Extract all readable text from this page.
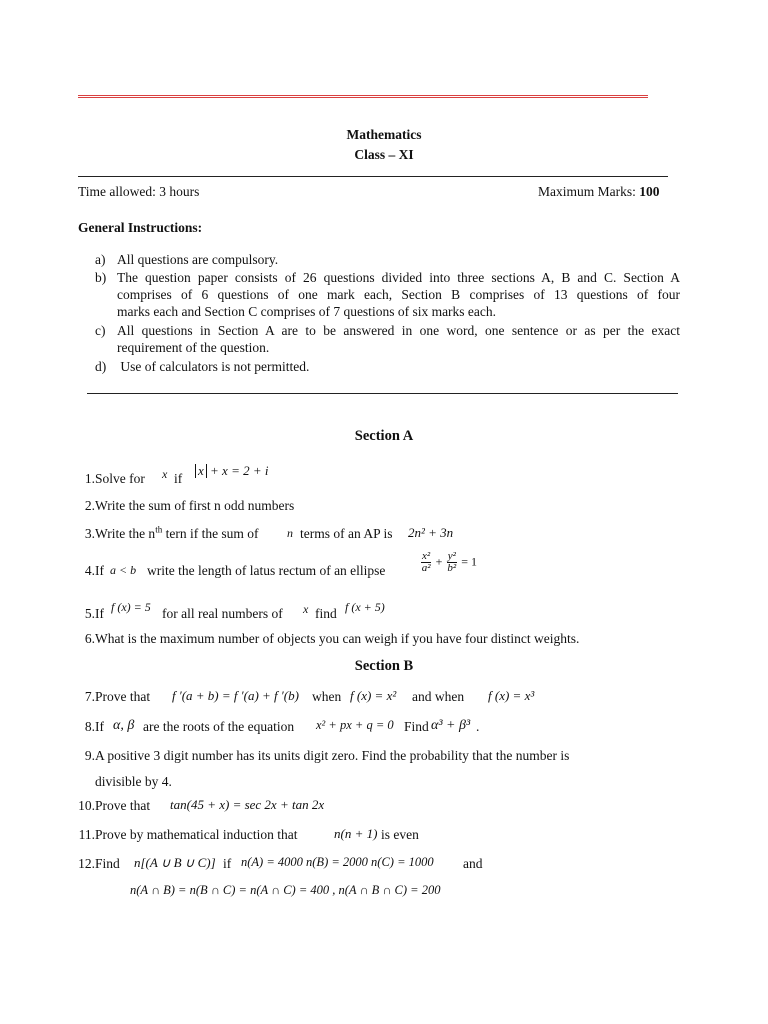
Mathematics
Class – XI
Time allowed: 3 hours	Maximum Marks: 100
General Instructions:
a) All questions are compulsory.
b) The question paper consists of 26 questions divided into three sections A, B and C. Section A
comprises of 6 questions of one mark each, Section B comprises of 13 questions of four
marks each and Section C comprises of 7 questions of six marks each.
c) All questions in Section A are to be answered in one word, one sentence or as per the exact
requirement of the question.
d) Use of calculators is not permitted.
Section A
1. Solve for x if
x + x = 2 + i
2. Write the sum of first n odd numbers
3. Write the $n^{th}$ tern if the sum of n terms of an AP is 2n² + 3n
4. If a < b write the length of latus rectum of an ellipse	$\frac{\text{x²}}{\text{a²}} + \frac{\text{y²}}{\text{b²}} = 1$
5. If f (x) = 5 for all real numbers of x find f (x + 5)
6. What is the maximum number of objects you can weigh if you have four distinct weights.
Section B
7. Prove that f ′(a + b) = f ′(a) + f ′(b) when f (x) = x² and when f (x) = x³
8. If α, β are the roots of the equation x² + px + q = 0 Find α³ + β³ .
9. A positive 3 digit number has its units digit zero. Find the probability that the number is
divisible by 4.
10. Prove that tan(45 + x) = sec 2x + tan 2x
11. Prove by mathematical induction that	n(n + 1) is even
12. Find n[(A ∪ B ∪ C)] if n(A) = 4000 n(B) = 2000 n(C) = 1000 and
n(A ∩ B) = n(B ∩ C) = n(A ∩ C) = 400 , n(A ∩ B ∩ C) = 200
